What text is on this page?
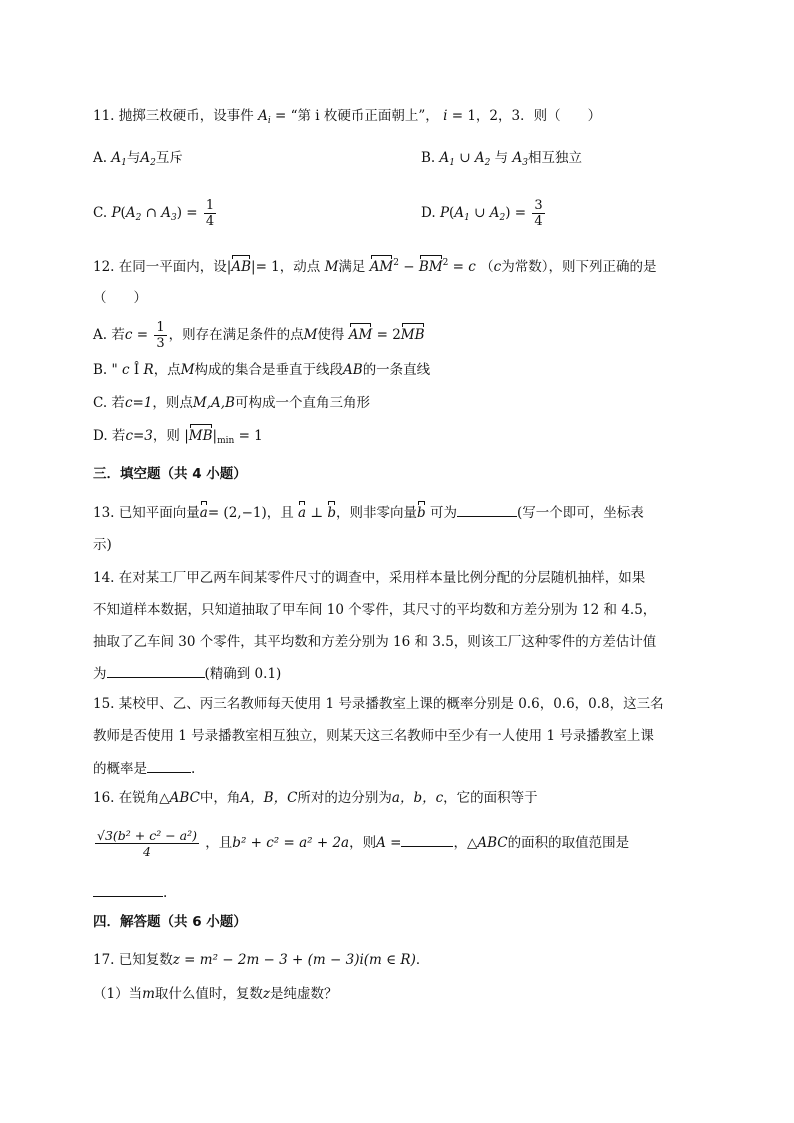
11. 抛掷三枚硬币，设事件 $A_i$ = “第 i 枚硬币正面朝上”， i = 1，2，3．则（　　）
A. $A_1$与$A_2$互斥	B. $A_1$ ∪ $A_2$ 与 $A_3$相互独立
C. $P(A_2$ ∩ $A_3) = \frac{1}{4}$	D. $P(A_1$ ∪ $A_2) = \frac{3}{4}$
12. 在同一平面内，设|AB|= 1，动点 M满足 $AM^2 - BM^2 = c$ （c为常数），则下列正确的是
（　　）
A. 若$c = \frac{1}{3}$ ，则存在满足条件的点M使得 AM = 2MB
B. " c Î R，点M构成的集合是垂直于线段AB的一条直线
C. 若c=1，则点M,A,B可构成一个直角三角形
D. 若c=3，则 $|MB|_{min} = 1$
三．填空题（共 4 小题）
13. 已知平面向量a= (2,−1)，且 a ⊥ b，则非零向量b 可为	(写一个即可，坐标表
示)
14. 在对某工厂甲乙两车间某零件尺寸的调查中，采用样本量比例分配的分层随机抽样，如果
不知道样本数据，只知道抽取了甲车间 10 个零件，其尺寸的平均数和方差分别为 12 和 4.5，
抽取了乙车间 30 个零件，其平均数和方差分别为 16 和 3.5，则该工厂这种零件的方差估计值
为	(精确到 0.1)
15. 某校甲、乙、丙三名教师每天使用 1 号录播教室上课的概率分别是 0.6，0.6，0.8，这三名
教师是否使用 1 号录播教室相互独立，则某天这三名教师中至少有一人使用 1 号录播教室上课
的概率是	.
16. 在锐角△ABC中，角A，B，C所对的边分别为a，b，c，它的面积等于
$\frac{\text{√3(b² + c² − a²)}}{4}$ ，且b² + c² = a² + 2a，则A =	，△ABC的面积的取值范围是
.
四．解答题（共 6 小题）
17. 已知复数z = m² − 2m − 3 + (m − 3)i(m ∈ R)．
（1）当m取什么值时，复数z是纯虚数？
